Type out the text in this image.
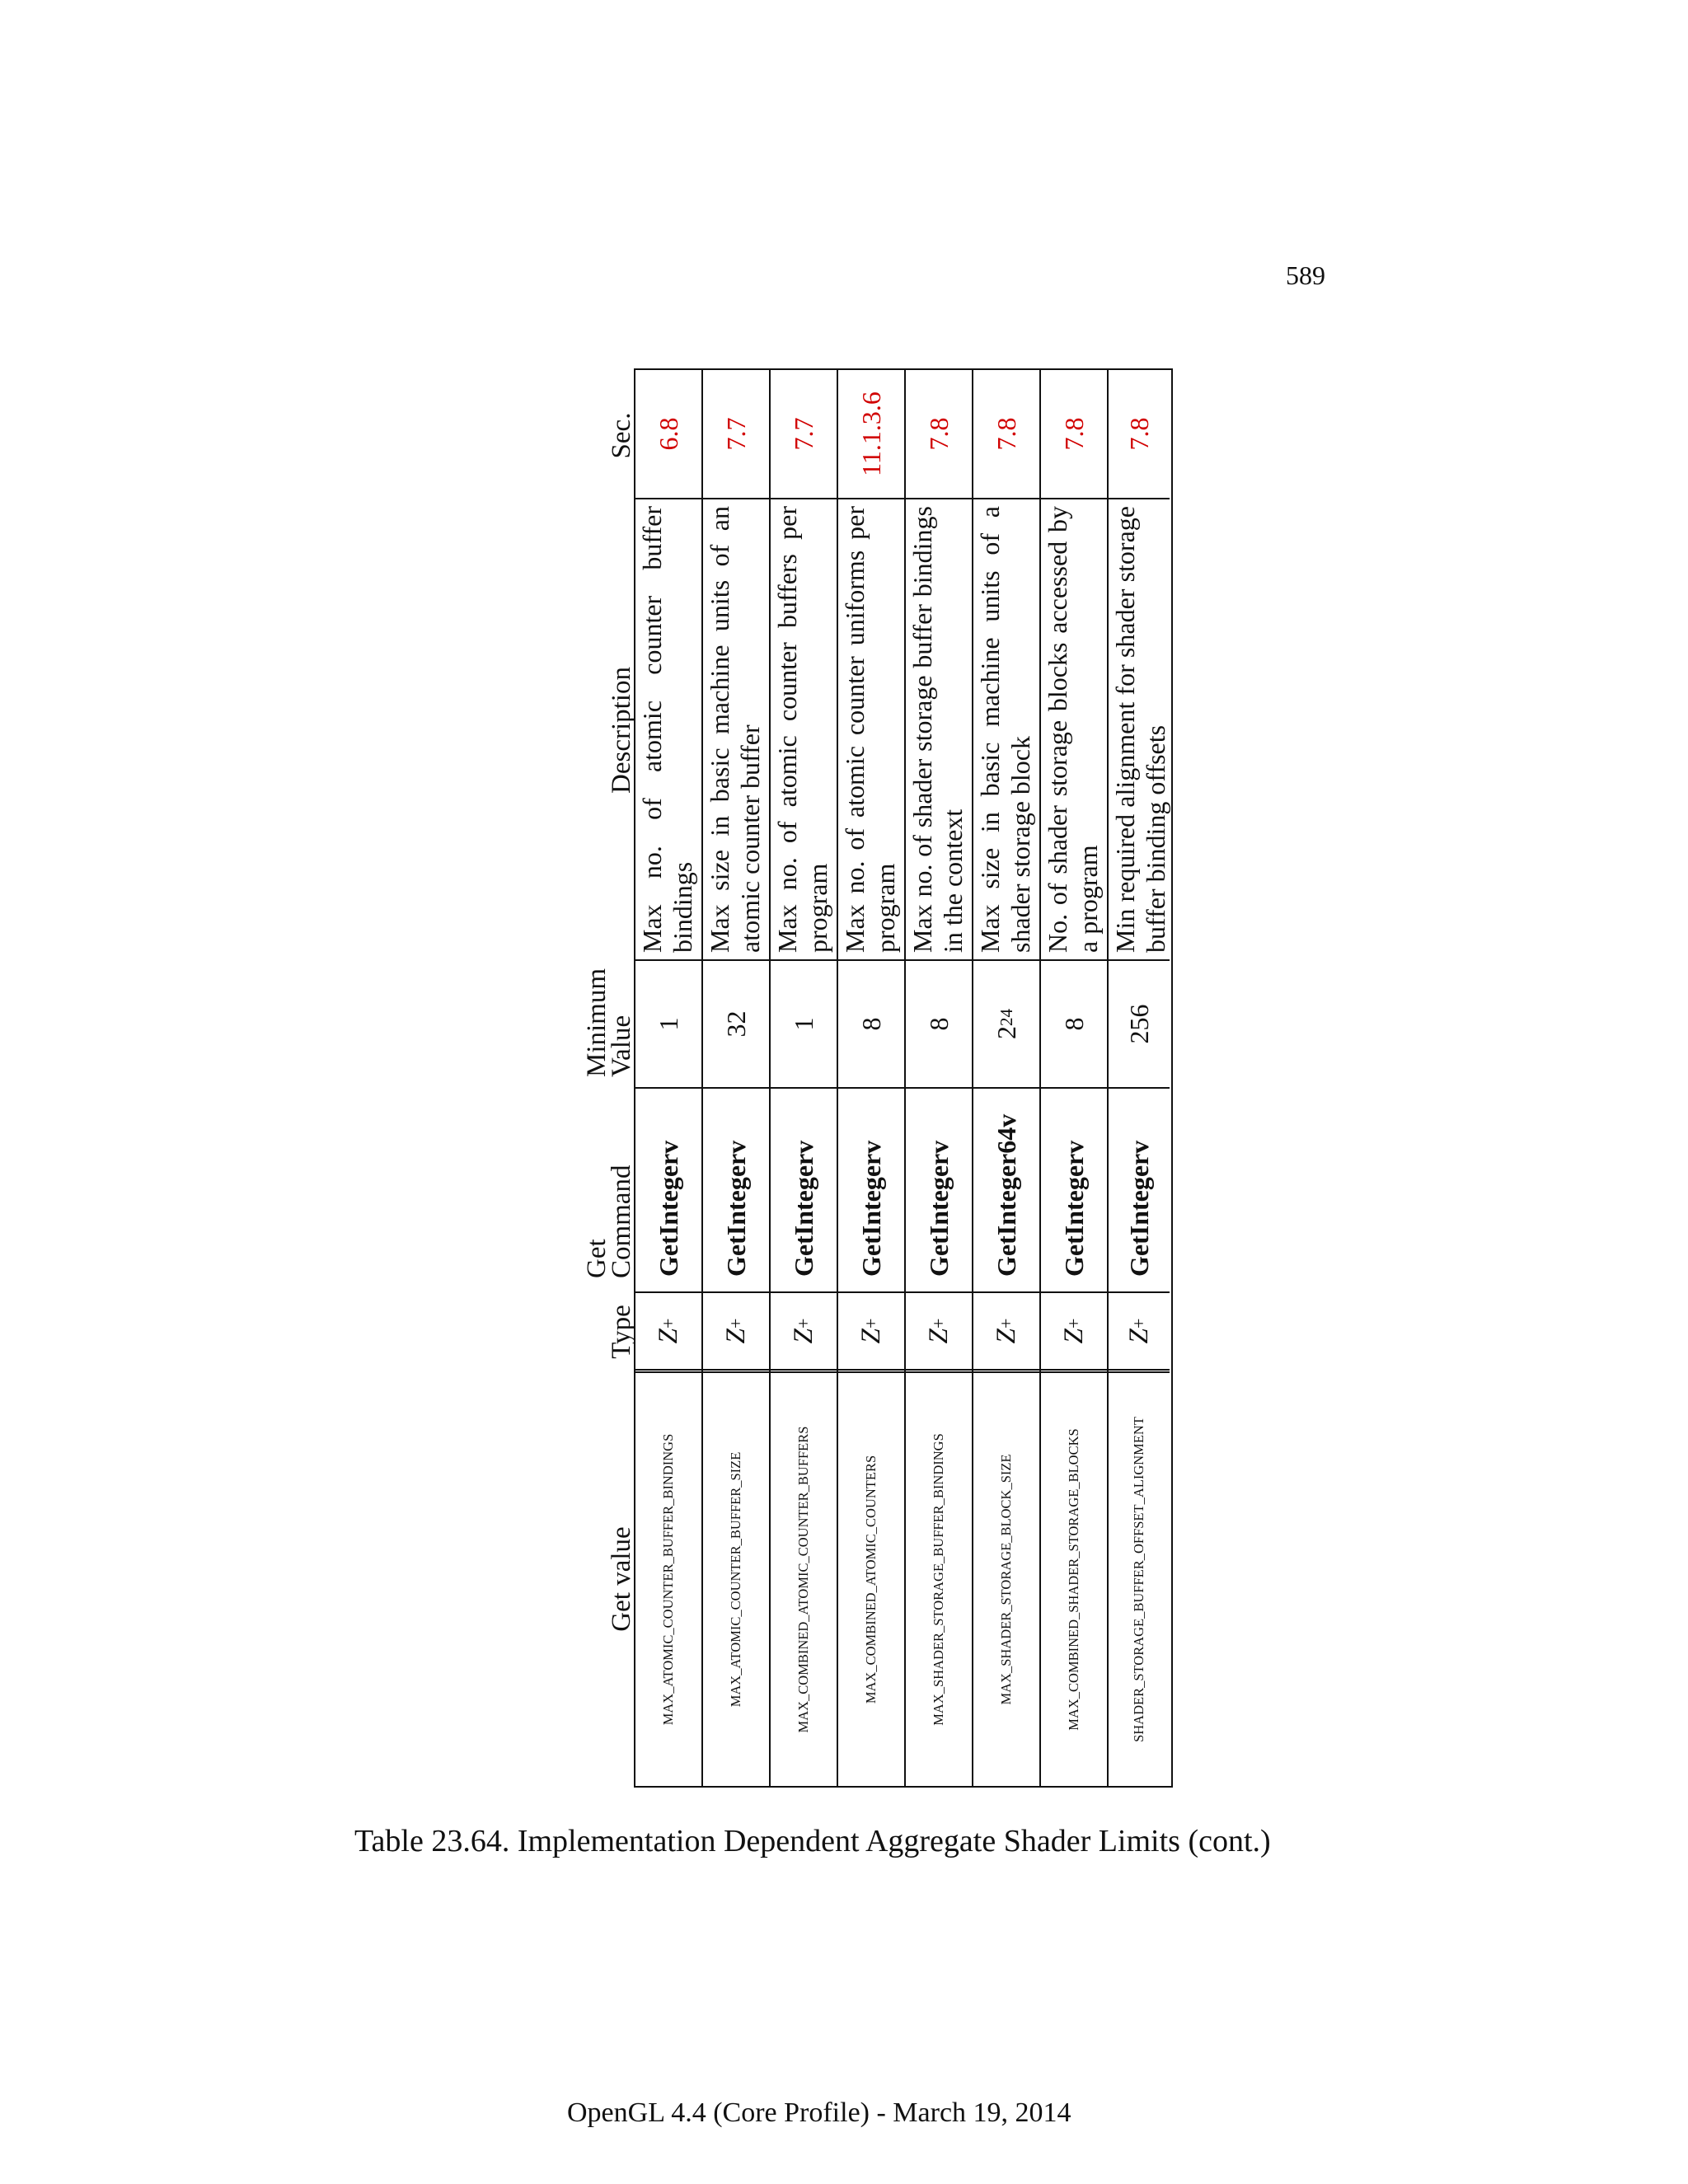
589
Get value
Type
Get
Command
Minimum
Value
Description
Sec.
MAX_ATOMIC_COUNTER_BUFFER_BINDINGS
Z
+
GetIntegerv
1
Max no. of atomic counter buffer bindings
6.8
MAX_ATOMIC_COUNTER_BUFFER_SIZE
Z
+
GetIntegerv
32
Max size in basic machine units of an atomic counter buffer
7.7
MAX_COMBINED_ATOMIC_COUNTER_BUFFERS
Z
+
GetIntegerv
1
Max no. of atomic counter buffers per program
7.7
MAX_COMBINED_ATOMIC_COUNTERS
Z
+
GetIntegerv
8
Max no. of atomic counter uniforms per program
11.1.3.6
MAX_SHADER_STORAGE_BUFFER_BINDINGS
Z
+
GetIntegerv
8
Max no. of shader storage buffer bindings in the context
7.8
MAX_SHADER_STORAGE_BLOCK_SIZE
Z
+
GetInteger64v
2
24
Max size in basic machine units of a shader storage block
7.8
MAX_COMBINED_SHADER_STORAGE_BLOCKS
Z
+
GetIntegerv
8
No. of shader storage blocks accessed by a program
7.8
SHADER_STORAGE_BUFFER_OFFSET_ALIGNMENT
Z
+
GetIntegerv
256
Min required alignment for shader storage buffer binding offsets
7.8
Table 23.64. Implementation Dependent Aggregate Shader Limits (cont.)
OpenGL 4.4 (Core Profile) - March 19, 2014
